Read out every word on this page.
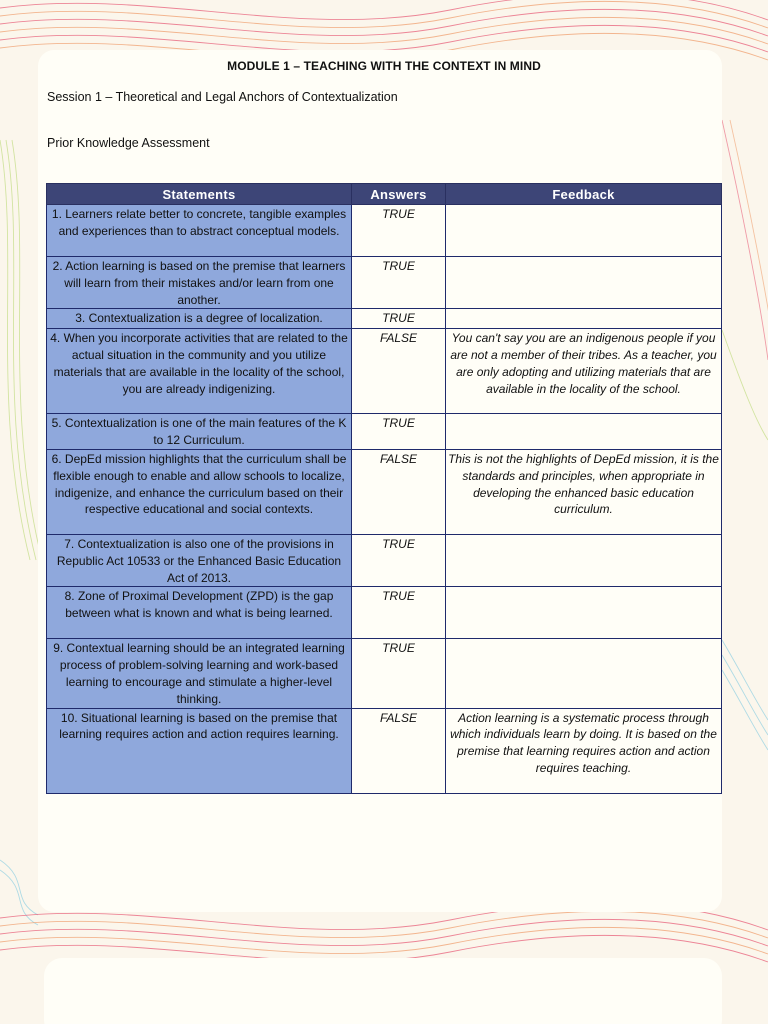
MODULE 1 – TEACHING WITH THE CONTEXT IN MIND
Session 1 – Theoretical and Legal Anchors of Contextualization
Prior Knowledge Assessment
Statements	Answers	Feedback
1. Learners relate better to concrete, tangible examples and experiences than to abstract conceptual models.	TRUE	
2. Action learning is based on the premise that learners will learn from their mistakes and/or learn from one another.	TRUE	
3. Contextualization is a degree of localization.	TRUE	
4. When you incorporate activities that are related to the actual situation in the community and you utilize materials that are available in the locality of the school, you are already indigenizing.	FALSE	You can't say you are an indigenous people if you are not a member of their tribes. As a teacher, you are only adopting and utilizing materials that are available in the locality of the school.
5. Contextualization is one of the main features of the K to 12 Curriculum.	TRUE	
6. DepEd mission highlights that the curriculum shall be flexible enough to enable and allow schools to localize, indigenize, and enhance the curriculum based on their respective educational and social contexts.	FALSE	This is not the highlights of DepEd mission, it is the standards and principles, when appropriate in developing the enhanced basic education curriculum.
7. Contextualization is also one of the provisions in Republic Act 10533 or the Enhanced Basic Education Act of 2013.	TRUE	
8. Zone of Proximal Development (ZPD) is the gap between what is known and what is being learned.	TRUE	
9. Contextual learning should be an integrated learning process of problem-solving learning and work-based learning to encourage and stimulate a higher-level thinking.	TRUE	
10. Situational learning is based on the premise that learning requires action and action requires learning.	FALSE	Action learning is a systematic process through which individuals learn by doing. It is based on the premise that learning requires action and action requires teaching.
